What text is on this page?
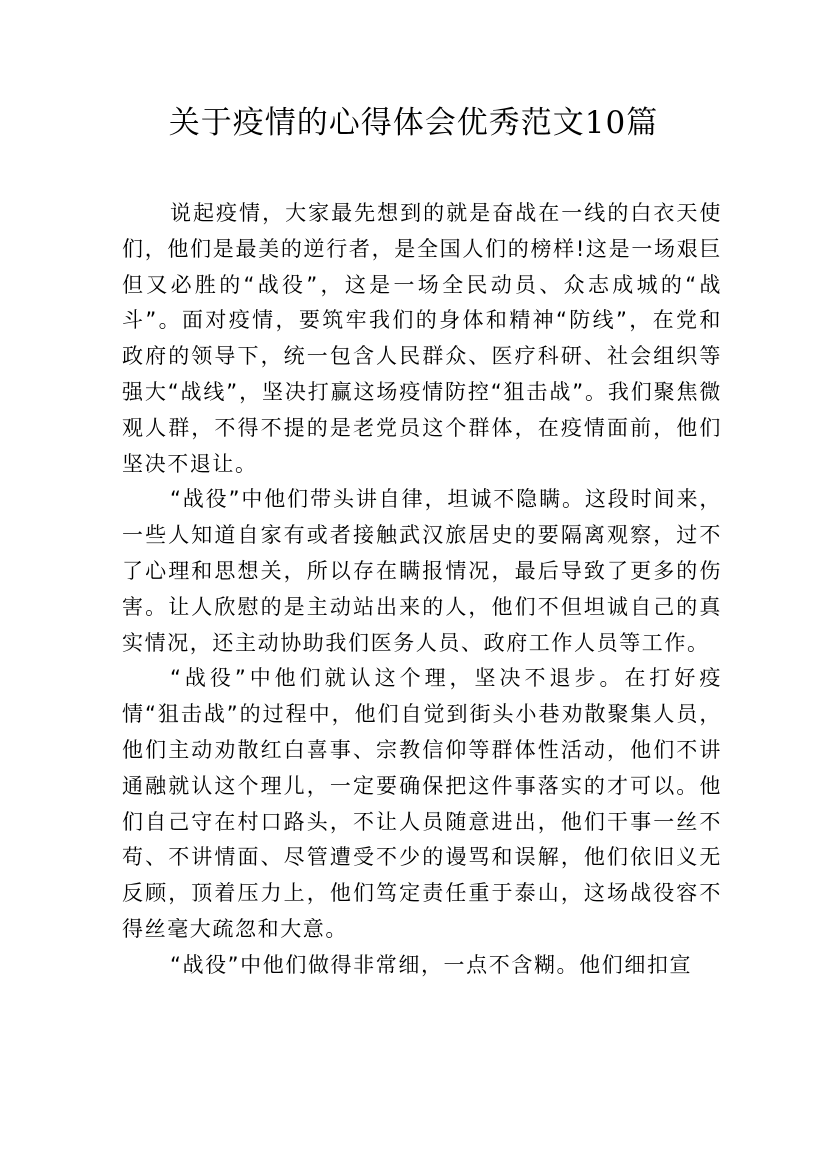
关于疫情的心得体会优秀范文10篇

说起疫情，大家最先想到的就是奋战在一线的白衣天使们，他们是最美的逆行者，是全国人们的榜样!这是一场艰巨但又必胜的“战役”，这是一场全民动员、众志成城的“战斗”。面对疫情，要筑牢我们的身体和精神“防线”，在党和政府的领导下，统一包含人民群众、医疗科研、社会组织等强大“战线”，坚决打赢这场疫情防控“狙击战”。我们聚焦微观人群，不得不提的是老党员这个群体，在疫情面前，他们坚决不退让。

“战役”中他们带头讲自律，坦诚不隐瞒。这段时间来，一些人知道自家有或者接触武汉旅居史的要隔离观察，过不了心理和思想关，所以存在瞒报情况，最后导致了更多的伤害。让人欣慰的是主动站出来的人，他们不但坦诚自己的真实情况，还主动协助我们医务人员、政府工作人员等工作。

“战役”中他们就认这个理，坚决不退步。在打好疫情“狙击战”的过程中，他们自觉到街头小巷劝散聚集人员，他们主动劝散红白喜事、宗教信仰等群体性活动，他们不讲通融就认这个理儿，一定要确保把这件事落实的才可以。他们自己守在村口路头，不让人员随意进出，他们干事一丝不苟、不讲情面、尽管遭受不少的谩骂和误解，他们依旧义无反顾，顶着压力上，他们笃定责任重于泰山，这场战役容不得丝毫大疏忽和大意。

“战役”中他们做得非常细，一点不含糊。他们细扣宣
